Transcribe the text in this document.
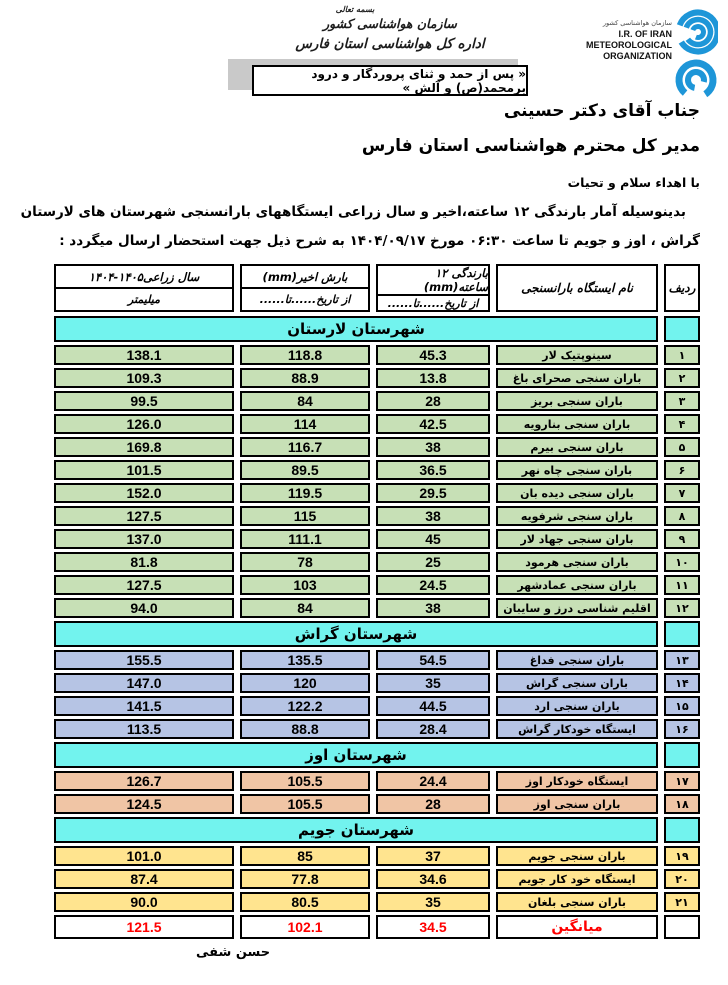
بسمه تعالی
سازمان هواشناسی کشور
اداره کل هواشناسی استان فارس
سازمان هواشناسی کشور
I.R. OF IRAN
METEOROLOGICAL
ORGANIZATION
« پس از حمد و ثنای پروردگار و درود برمحمد(ص) و آلش »

جناب آقای دکتر حسینی

مدیر کل محترم هواشناسی استان فارس

با اهداء سلام و تحیات

بدینوسیله آمار بارندگی ۱۲ ساعته،اخیر و سال زراعی ایستگاههای بارانسنجی شهرستان های لارستان

گراش ، اوز و جویم تا ساعت ۰۶:۳۰ مورخ ۱۴۰۴/۰۹/۱۷ به شرح ذیل جهت استحضار ارسال میگردد :

ردیف
نام ایستگاه بارانسنجی
بارندگی ۱۲ ساعته(mm)
از تاریخ......تا......
بارش اخیر(mm)
از تاریخ......تا......
سال زراعی۱۴۰۵-۱۴۰۴
میلیمتر
شهرستان لارستان
۱
سینوپتیک لار
45.3
118.8
138.1
۲
باران سنجی صحرای باغ
13.8
88.9
109.3
۳
باران سنجی بریز
28
84
99.5
۴
باران سنجی بنارویه
42.5
114
126.0
۵
باران سنجی بیرم
38
116.7
169.8
۶
باران سنجی چاه نهر
36.5
89.5
101.5
۷
باران سنجی دیده بان
29.5
119.5
152.0
۸
باران سنجی شرفویه
38
115
127.5
۹
باران سنجی جهاد لار
45
111.1
137.0
۱۰
باران سنجی هرمود
25
78
81.8
۱۱
باران سنجی عمادشهر
24.5
103
127.5
۱۲
اقلیم شناسی درز و سایبان
38
84
94.0
شهرستان گراش
۱۳
باران سنجی فداغ
54.5
135.5
155.5
۱۴
باران سنجی گراش
35
120
147.0
۱۵
باران سنجی ارد
44.5
122.2
141.5
۱۶
ایستگاه خودکار گراش
28.4
88.8
113.5
شهرستان اوز
۱۷
ایستگاه خودکار اوز
24.4
105.5
126.7
۱۸
باران سنجی اوز
28
105.5
124.5
شهرستان جویم
۱۹
باران سنجی جویم
37
85
101.0
۲۰
ایستگاه خود کار جویم
34.6
77.8
87.4
۲۱
باران سنجی بلغان
35
80.5
90.0
میانگین
34.5
102.1
121.5
حسن شفی
